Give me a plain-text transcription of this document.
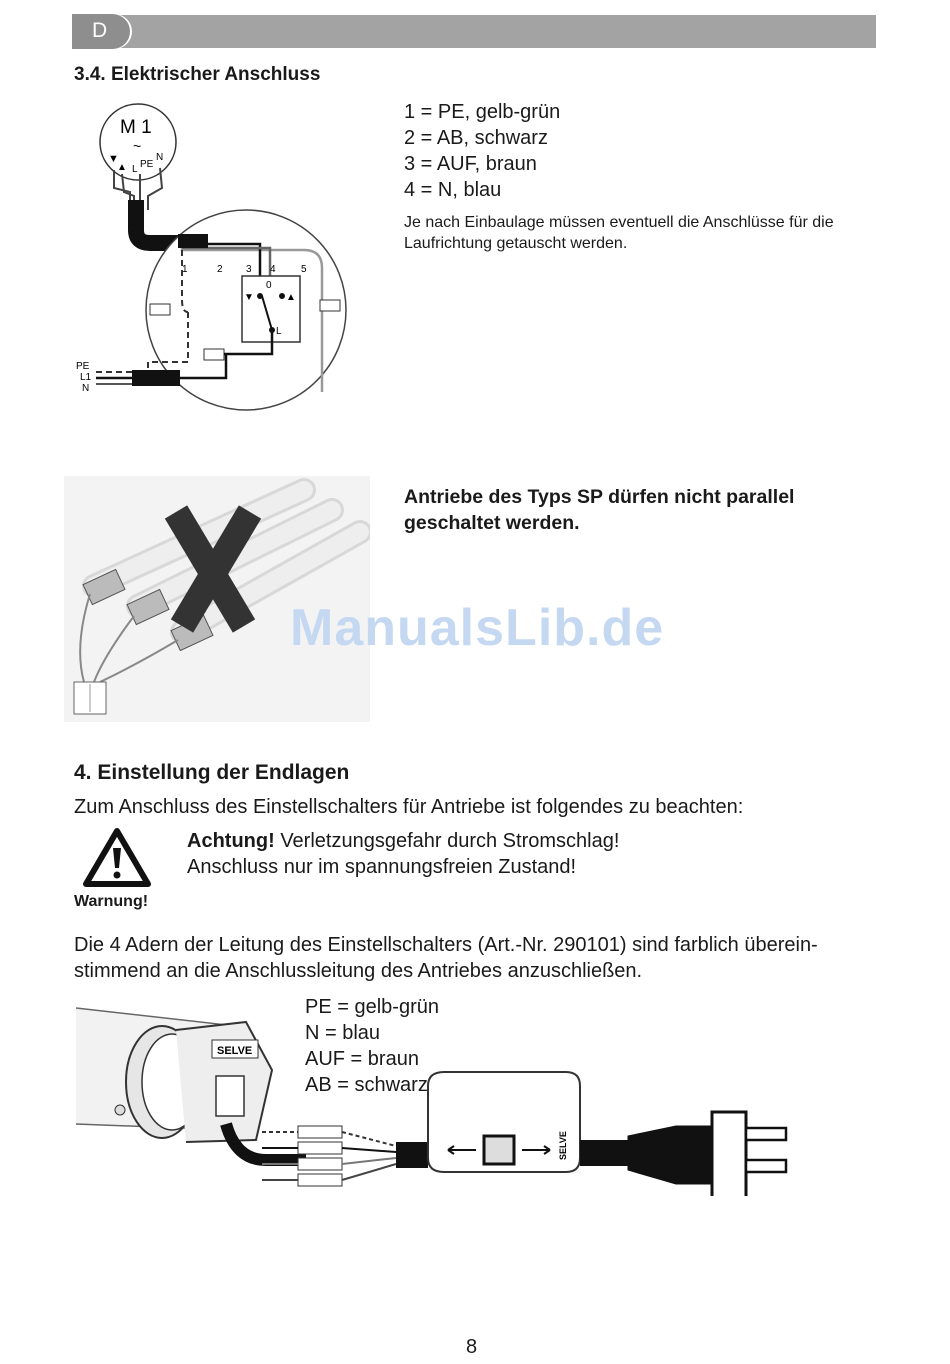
D
3.4. Elektrischer Anschluss
M 1
~
▼
▲ L PE
N
1	2 3 4	5
0
▼	▲
L
PE
L1
N
1 = PE, gelb-grün
2 = AB, schwarz
3 = AUF, braun
4 = N, blau
Je nach Einbaulage müssen eventuell die Anschlüsse für die Laufrichtung getauscht werden.
Antriebe des Typs SP dürfen nicht parallel geschaltet werden.
ManualsLib.de
4. Einstellung der Endlagen
Zum Anschluss des Einstellschalters für Antriebe ist folgendes zu beachten:
Warnung!
Achtung! Verletzungsgefahr durch Stromschlag!
Anschluss nur im spannungsfreien Zustand!
Die 4 Adern der Leitung des Einstellschalters (Art.-Nr. 290101) sind farblich überein-
stimmend an die Anschlussleitung des Antriebes anzuschließen.
PE = gelb-grün
N = blau
AUF = braun
AB = schwarz
SELVE
SELVE
8
